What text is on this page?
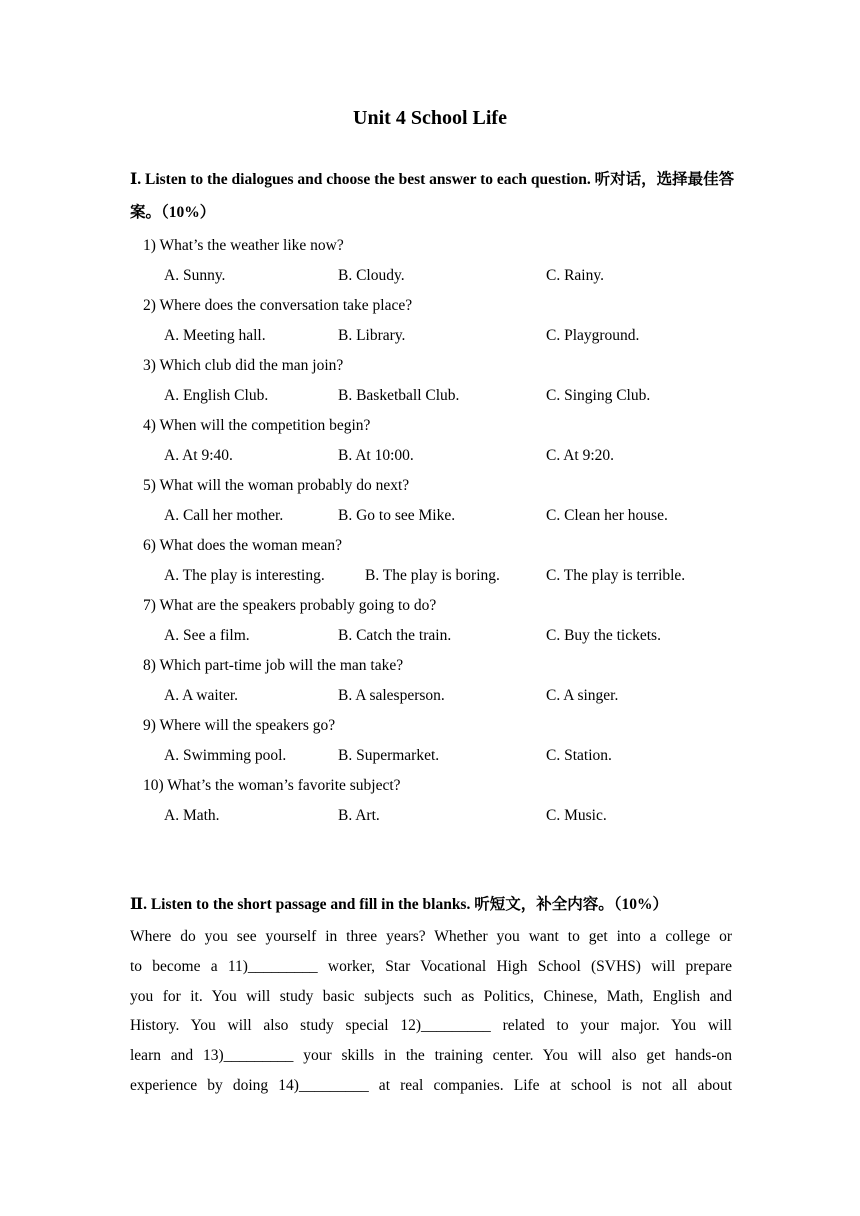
Unit 4 School Life
Ⅰ. Listen to the dialogues and choose the best answer to each question. 听对话，选择最佳答案。（10%）
1) What’s the weather like now?
A. Sunny.	B. Cloudy.	C. Rainy.
2) Where does the conversation take place?
A. Meeting hall.	B. Library.	C. Playground.
3) Which club did the man join?
A. English Club.	B. Basketball Club.	C. Singing Club.
4) When will the competition begin?
A. At 9:40.	B. At 10:00.	C. At 9:20.
5) What will the woman probably do next?
A. Call her mother.	B. Go to see Mike.	C. Clean her house.
6) What does the woman mean?
A. The play is interesting.	B. The play is boring.	C. The play is terrible.
7) What are the speakers probably going to do?
A. See a film.	B. Catch the train.	C. Buy the tickets.
8) Which part-time job will the man take?
A. A waiter.	B. A salesperson.	C. A singer.
9) Where will the speakers go?
A. Swimming pool.	B. Supermarket.	C. Station.
10) What’s the woman’s favorite subject?
A. Math.	B. Art.	C. Music.
Ⅱ. Listen to the short passage and fill in the blanks. 听短文，补全内容。（10%）
Where do you see yourself in three years? Whether you want to get into a college or
to become a 11)_________ worker, Star Vocational High School (SVHS) will prepare
you for it. You will study basic subjects such as Politics, Chinese, Math, English and
History. You will also study special 12)_________ related to your major. You will
learn and 13)_________ your skills in the training center. You will also get hands-on
experience by doing 14)_________ at real companies. Life at school is not all about
